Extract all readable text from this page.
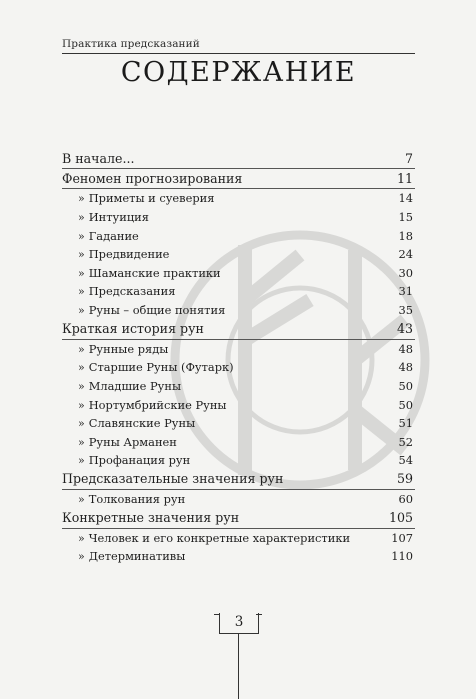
Практика предсказаний
СОДЕРЖАНИЕ
В начале...	7
Феномен прогнозирования	11
» Приметы и суеверия	14
» Интуиция	15
» Гадание	18
» Предвидение	24
» Шаманские практики	30
» Предсказания	31
» Руны – общие понятия	35
Краткая история рун	43
» Рунные ряды	48
» Старшие Руны (Футарк)	48
» Младшие Руны	50
» Нортумбрийские Руны	50
» Славянские Руны	51
» Руны Арманен	52
» Профанация рун	54
Предсказательные значения рун	59
» Толкования рун	60
Конкретные значения рун	105
» Человек и его конкретные характеристики	107
» Детерминативы	110
3
